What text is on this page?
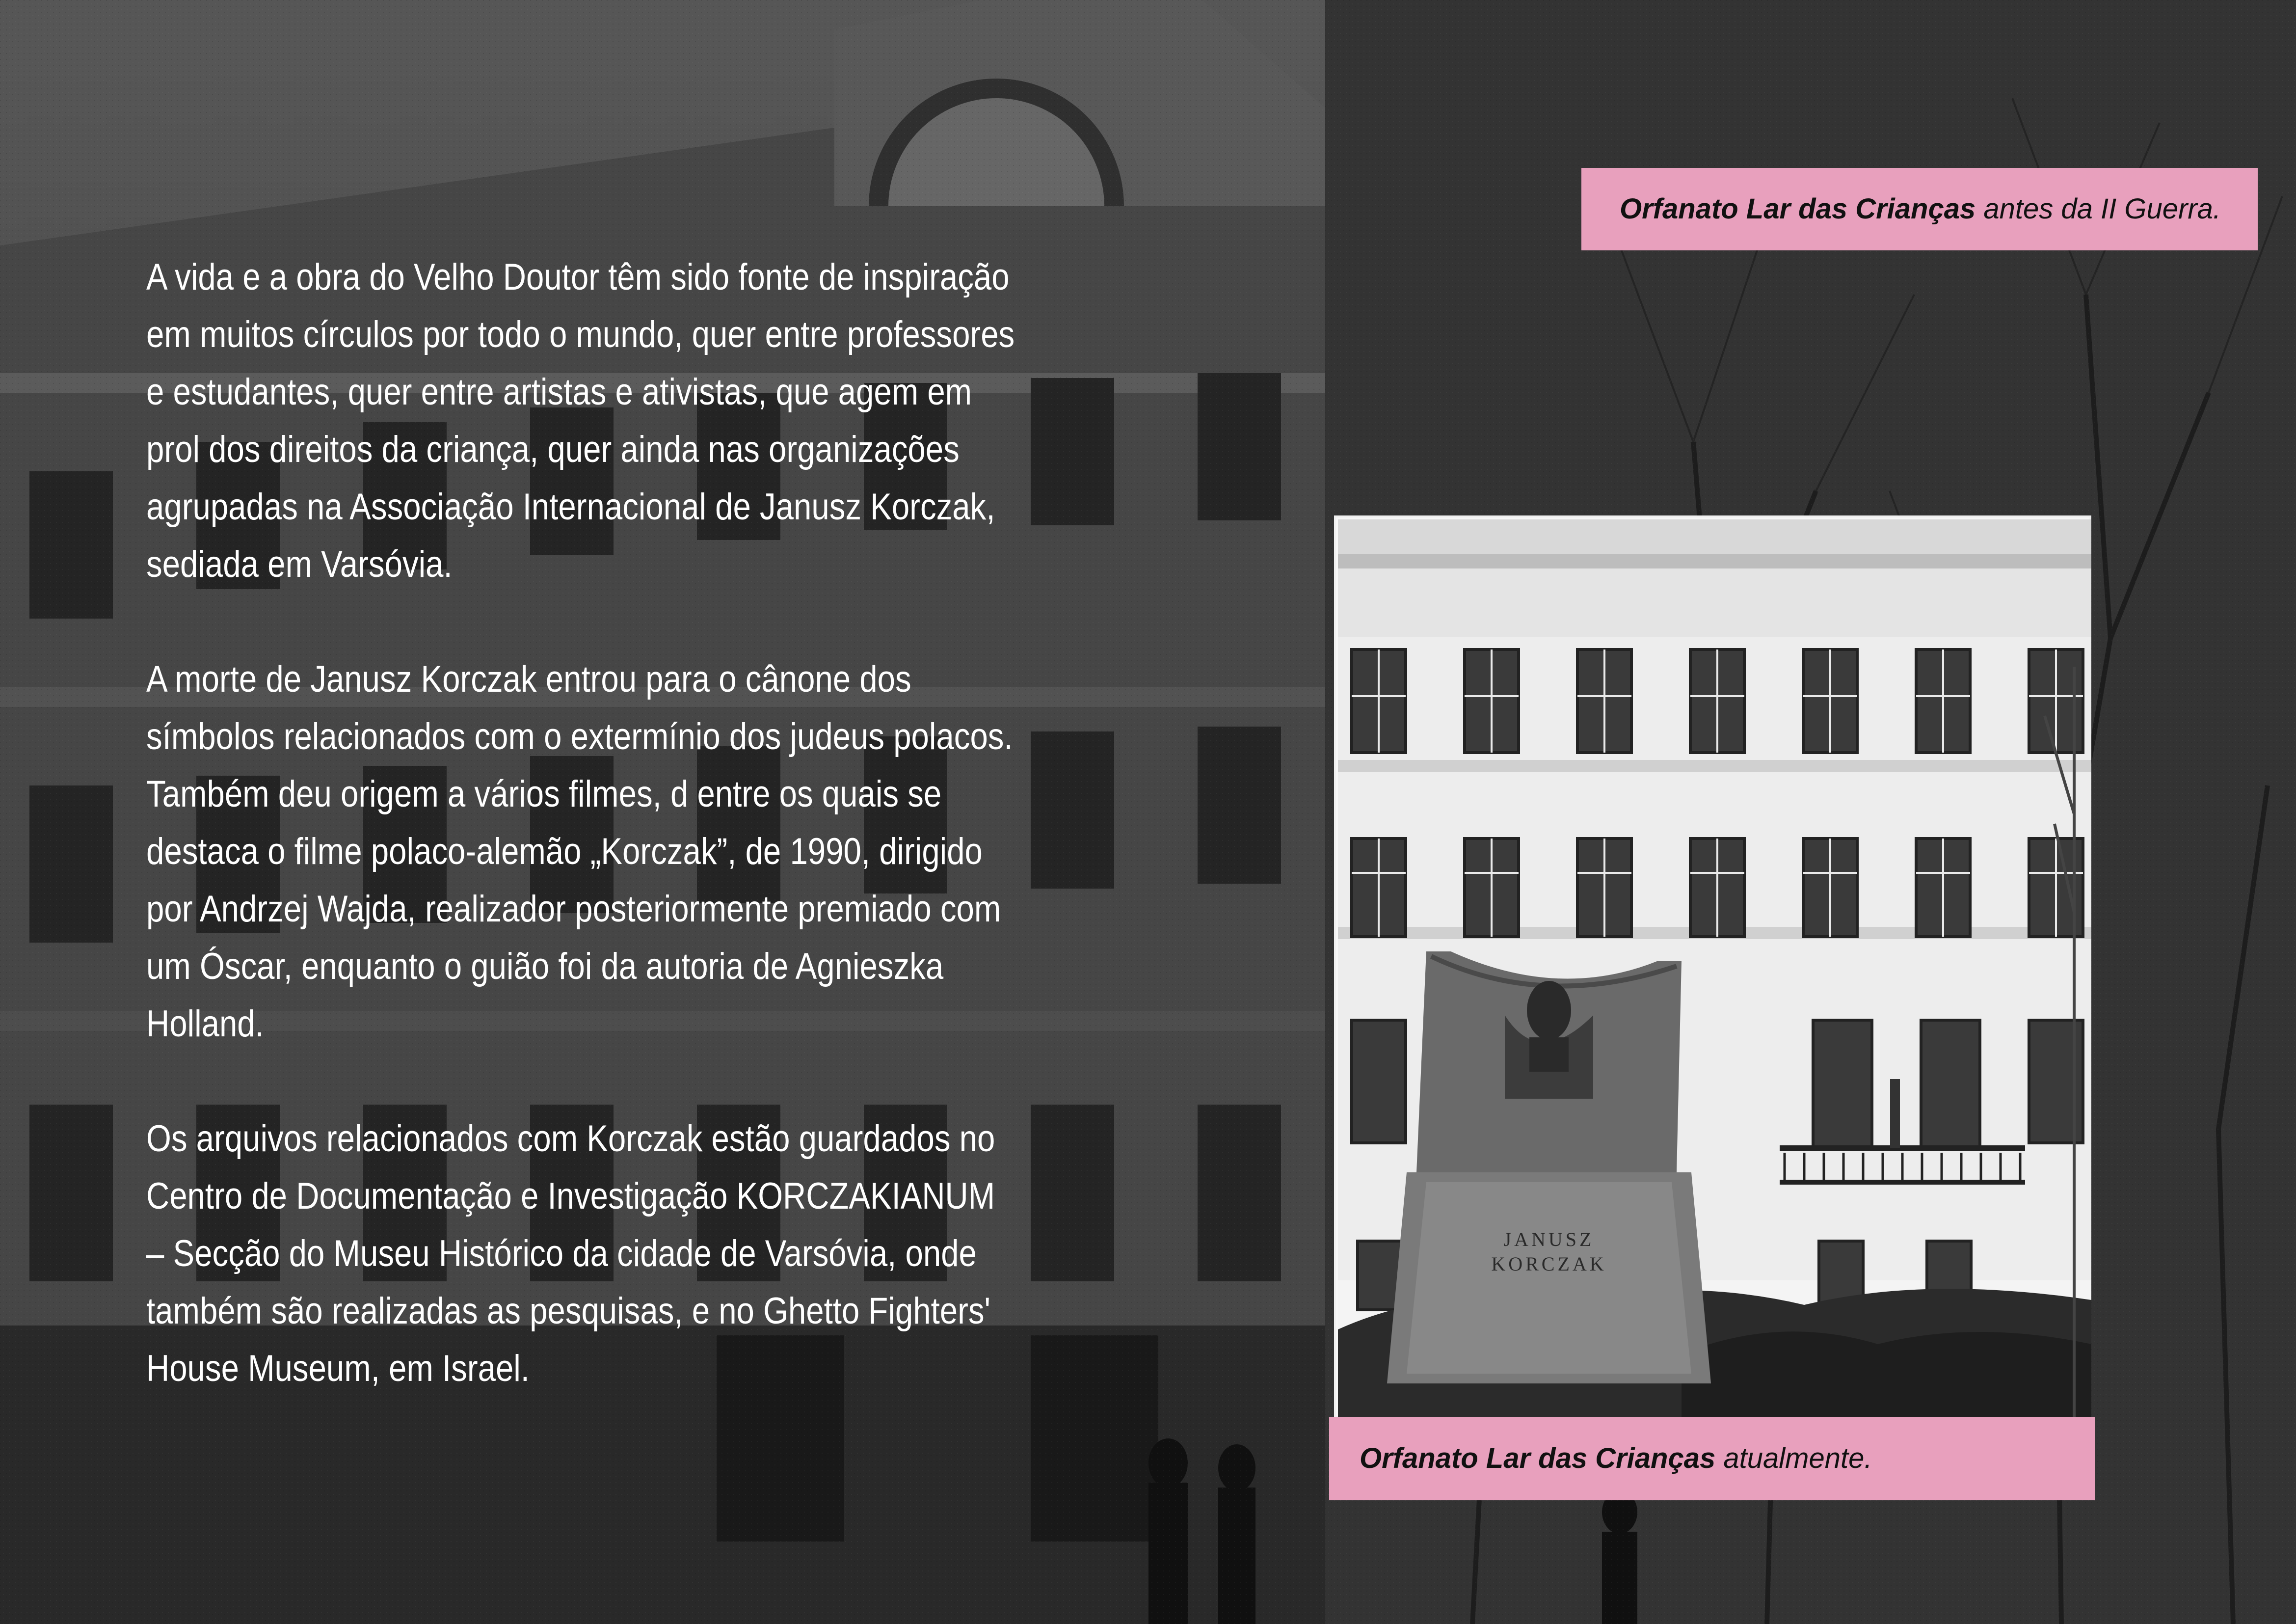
Orfanato Lar das Crianças antes da II Guerra.
A vida e a obra do Velho Doutor têm sido fonte de inspiração
em muitos círculos por todo o mundo, quer entre professores
e estudantes, quer entre artistas e ativistas, que agem em
prol dos direitos da criança, quer ainda nas organizações
agrupadas na Associação Internacional de Janusz Korczak,
sediada em Varsóvia.
A morte de Janusz Korczak entrou para o cânone dos
símbolos relacionados com o extermínio dos judeus polacos.
Também deu origem a vários filmes, d entre os quais se
destaca o filme polaco-alemão „Korczak”, de 1990, dirigido
por Andrzej Wajda, realizador posteriormente premiado com
um Óscar, enquanto o guião foi da autoria de Agnieszka
Holland.
Os arquivos relacionados com Korczak estão guardados no
Centro de Documentação e Investigação KORCZAKIANUM
– Secção do Museu Histórico da cidade de Varsóvia, onde
também são realizadas as pesquisas, e no Ghetto Fighters'
House Museum, em Israel.
JANUSZ
KORCZAK
Orfanato Lar das Crianças atualmente.
